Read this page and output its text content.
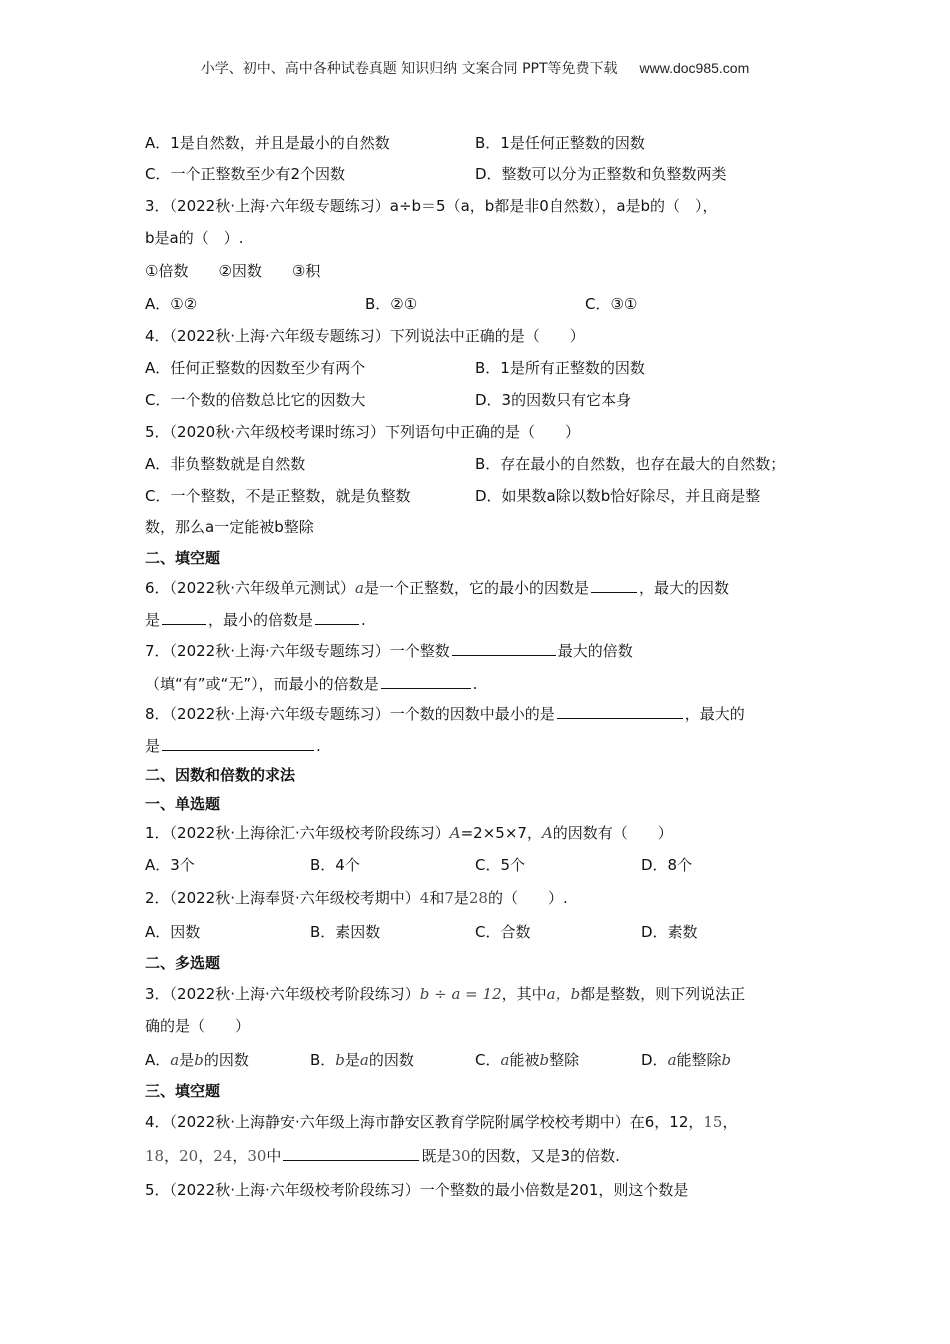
小学、初中、高中各种试卷真题 知识归纳 文案合同 PPT等免费下载 www.doc985.com
A．1是自然数，并且是最小的自然数	B．1是任何正整数的因数
C．一个正整数至少有2个因数	D．整数可以分为正整数和负整数两类
3．（2022秋·上海·六年级专题练习）a÷b＝5（a，b都是非0自然数），a是b的（　），
b是a的（　）.
①倍数　　②因数　　③积
A．①②	B．②①	C．③①
4．（2022秋·上海·六年级专题练习）下列说法中正确的是（　　）
A．任何正整数的因数至少有两个	B．1是所有正整数的因数
C．一个数的倍数总比它的因数大	D．3的因数只有它本身
5．（2020秋·六年级校考课时练习）下列语句中正确的是（　　）
A．非负整数就是自然数	B．存在最小的自然数，也存在最大的自然数；
C．一个整数，不是正整数，就是负整数	D．如果数a除以数b恰好除尽，并且商是整
数，那么a一定能被b整除
二、填空题
6．（2022秋·六年级单元测试）a是一个正整数，它的最小的因数是	，最大的因数
是	，最小的倍数是	.
7．（2022秋·上海·六年级专题练习）一个整数	最大的倍数
（填“有”或“无”），而最小的倍数是	.
8．（2022秋·上海·六年级专题练习）一个数的因数中最小的是	，最大的
是	.
二、因数和倍数的求法
一、单选题
1．（2022秋·上海徐汇·六年级校考阶段练习）A=2×5×7，A的因数有（　　）
A．3个	B．4个	C．5个	D．8个
2．（2022秋·上海奉贤·六年级校考期中）4和7是28的（　　）.
A．因数	B．素因数	C．合数	D．素数
二、多选题
3．（2022秋·上海·六年级校考阶段练习）b ÷ a = 12，其中a，b都是整数，则下列说法正
确的是（　　）
A．a是b的因数	B．b是a的因数	C．a能被b整除	D．a能整除b
三、填空题
4．（2022秋·上海静安·六年级上海市静安区教育学院附属学校校考期中）在6，12，15，
18，20，24，30中	既是30的因数，又是3的倍数.
5．（2022秋·上海·六年级校考阶段练习）一个整数的最小倍数是201，则这个数是
